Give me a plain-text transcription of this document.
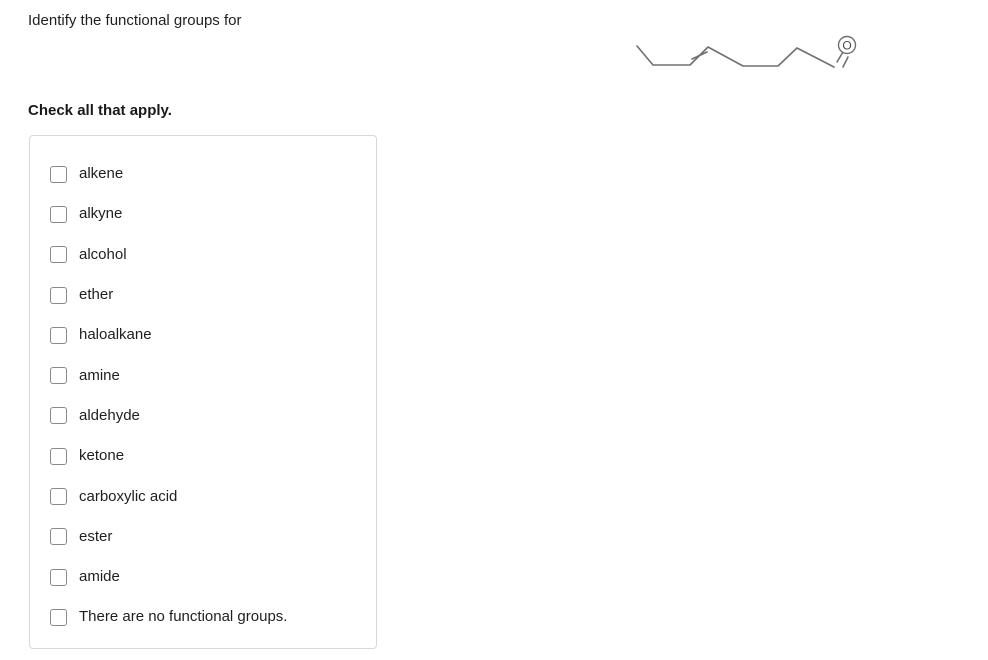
Identify the functional groups for
O
Check all that apply.
alkene
alkyne
alcohol
ether
haloalkane
amine
aldehyde
ketone
carboxylic acid
ester
amide
There are no functional groups.
